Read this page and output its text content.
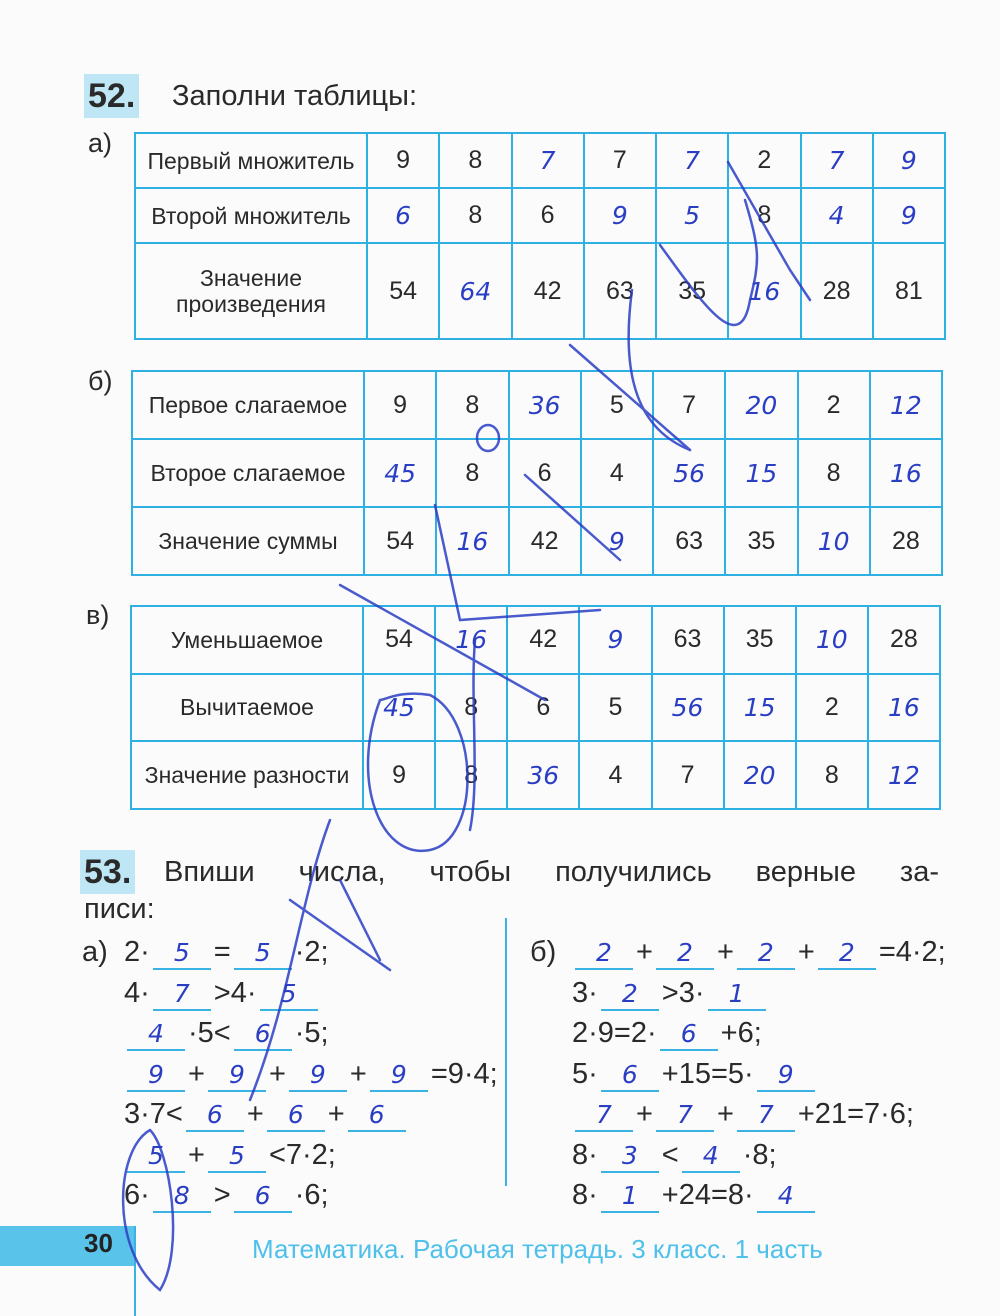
52. Заполни таблицы:
а)
Первый множитель	9	8	7	7	7	2	7	9
Второй множитель	6	8	6	9	5	8	4	9
Значение произведения	54	64	42	63	35	16	28	81
б)
Первое слагаемое	9	8	36	5	7	20	2	12
Второе слагаемое	45	8	6	4	56	15	8	16
Значение суммы	54	16	42	9	63	35	10	28
в)
Уменьшаемое	54	16	42	9	63	35	10	28
Вычитаемое	45	8	6	5	56	15	2	16
Значение разности	9	8	36	4	7	20	8	12
53. Впиши числа, чтобы получились верные за-
писи:
а)	б)
2· 5 = 5 ·2;
4· 7 >4· 5
4 ·5< 6 ·5;
9 + 9 + 9 + 9 =9·4;
3·7< 6 + 6 + 6
5 + 5 <7·2;
6· 8 > 6 ·6;
2 + 2 + 2 + 2 =4·2;
3· 2 >3· 1
2·9=2· 6 +6;
5· 6 +15=5· 9
7 + 7 + 7 +21=7·6;
8· 3 < 4 ·8;
8· 1 +24=8· 4
30	Математика. Рабочая тетрадь. 3 класс. 1 часть
